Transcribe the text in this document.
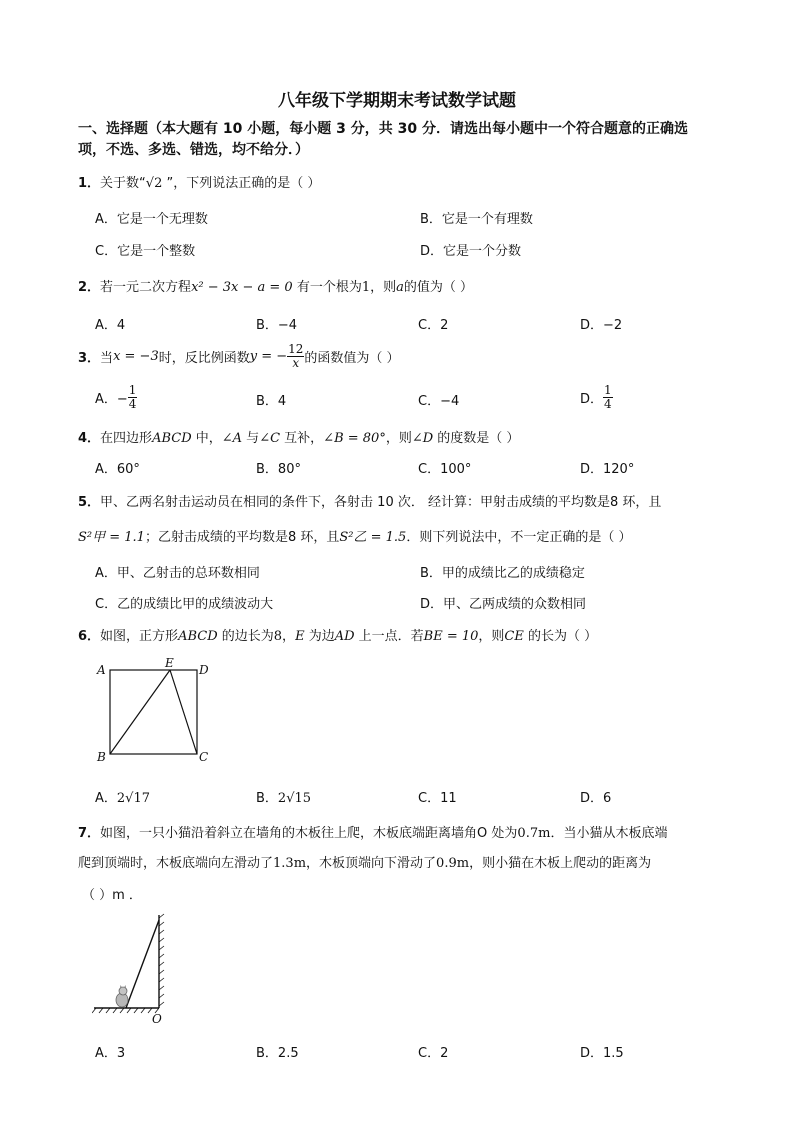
八年级下学期期末考试数学试题
一、选择题（本大题有 10 小题，每小题 3 分，共 30 分．请选出每小题中一个符合题意的正确选
项，不选、多选、错选，均不给分．）
1．关于数“√2 ”，下列说法正确的是（ ）
A．它是一个无理数	B．它是一个有理数
C．它是一个整数	D．它是一个分数
2．若一元二次方程x² − 3x − a = 0 有一个根为1，则a的值为（ ）
A．4	B．−4	C．2	D．−2
3． 当 x = −3 时，反比例函数 y = − $\frac{12}{x}$ 的函数值为（ ）
A．− $\frac{1}{4}$	B．4	C．−4	D． $\frac{1}{4}$
4．在四边形ABCD 中，∠A 与∠C 互补，∠B = 80°，则∠D 的度数是（ ）
A．60°	B．80°	C．100°	D．120°
5．甲、乙两名射击运动员在相同的条件下，各射击 10 次． 经计算：甲射击成绩的平均数是8 环，且
S²甲 = 1.1；乙射击成绩的平均数是8 环，且S²乙 = 1.5．则下列说法中，不一定正确的是（ ）
A．甲、乙射击的总环数相同	B．甲的成绩比乙的成绩稳定
C．乙的成绩比甲的成绩波动大	D．甲、乙两成绩的众数相同
6．如图，正方形ABCD 的边长为8，E 为边AD 上一点．若BE = 10，则CE 的长为（ ）
A	E D
B	C
A．2√17	B．2√15	C．11	D．6
7．如图，一只小猫沿着斜立在墙角的木板往上爬，木板底端距离墙角O 处为0.7m．当小猫从木板底端
爬到顶端时，木板底端向左滑动了1.3m，木板顶端向下滑动了0.9m，则小猫在木板上爬动的距离为
（ ）m ．
O
A．3	B．2.5	C．2	D．1.5
